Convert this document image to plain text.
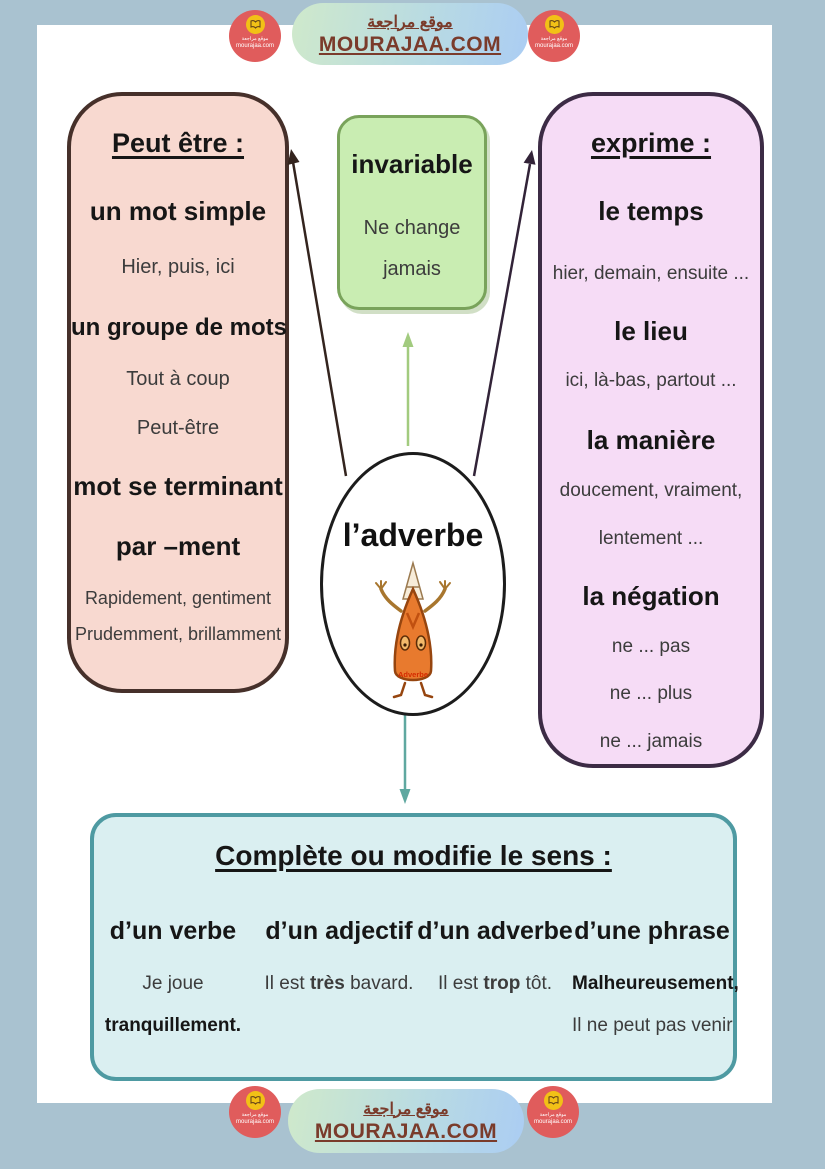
Peut être :
un mot simple
Hier, puis, ici
un groupe de mots
Tout à coup
Peut-être
mot se terminant
par –ment
Rapidement, gentiment
Prudemment, brillamment
invariable
Ne change
jamais
exprime :
le temps
hier, demain, ensuite ...
le lieu
ici, là-bas, partout ...
la manière
doucement, vraiment,
lentement ...
la négation
ne ... pas
ne ... plus
ne ... jamais
l’adverbe
Adverbe
Complète ou modifie le sens :
d’un verbe
Je joue
tranquillement.
d’un adjectif
Il est très bavard.
d’un adverbe
Il est trop tôt.
d’une phrase
Malheureusement,
Il ne peut pas venir
موقع مراجعة
MOURAJAA.COM
موقع مراجعة
mourajaa.com
موقع مراجعة
mourajaa.com
موقع مراجعة
MOURAJAA.COM
موقع مراجعة
mourajaa.com
موقع مراجعة
mourajaa.com
